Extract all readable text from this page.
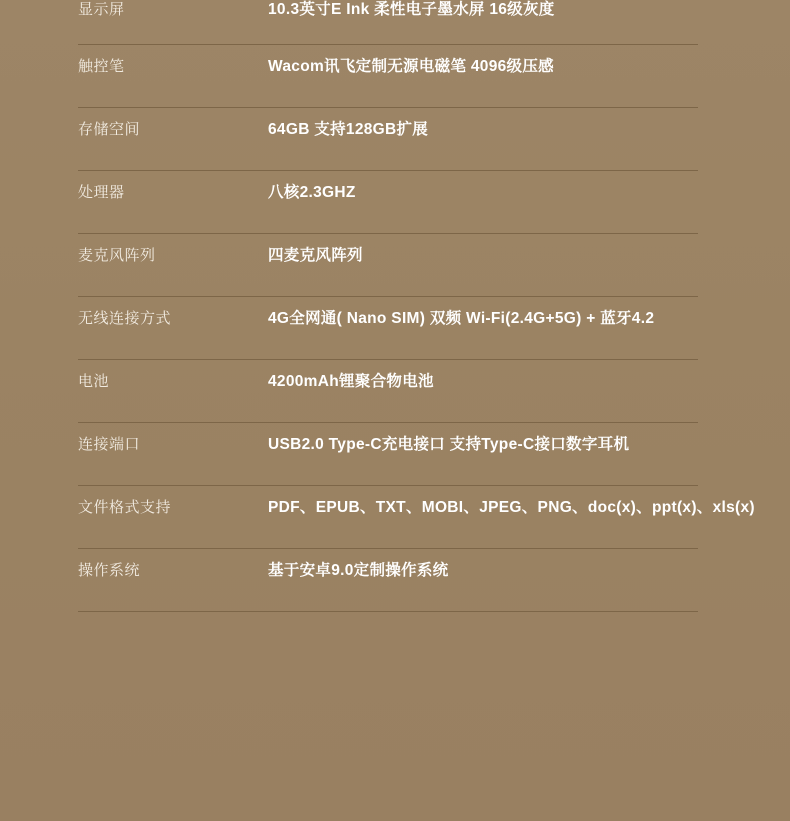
显示屏	10.3英寸E Ink 柔性电子墨水屏 16级灰度
触控笔	Wacom讯飞定制无源电磁笔 4096级压感
存储空间	64GB 支持128GB扩展
处理器	八核2.3GHZ
麦克风阵列	四麦克风阵列
无线连接方式	4G全网通( Nano SIM) 双频 Wi-Fi(2.4G+5G) + 蓝牙4.2
电池	4200mAh锂聚合物电池
连接端口	USB2.0 Type-C充电接口 支持Type-C接口数字耳机
文件格式支持	PDF、EPUB、TXT、MOBI、JPEG、PNG、doc(x)、ppt(x)、xls(x)
操作系统	基于安卓9.0定制操作系统
